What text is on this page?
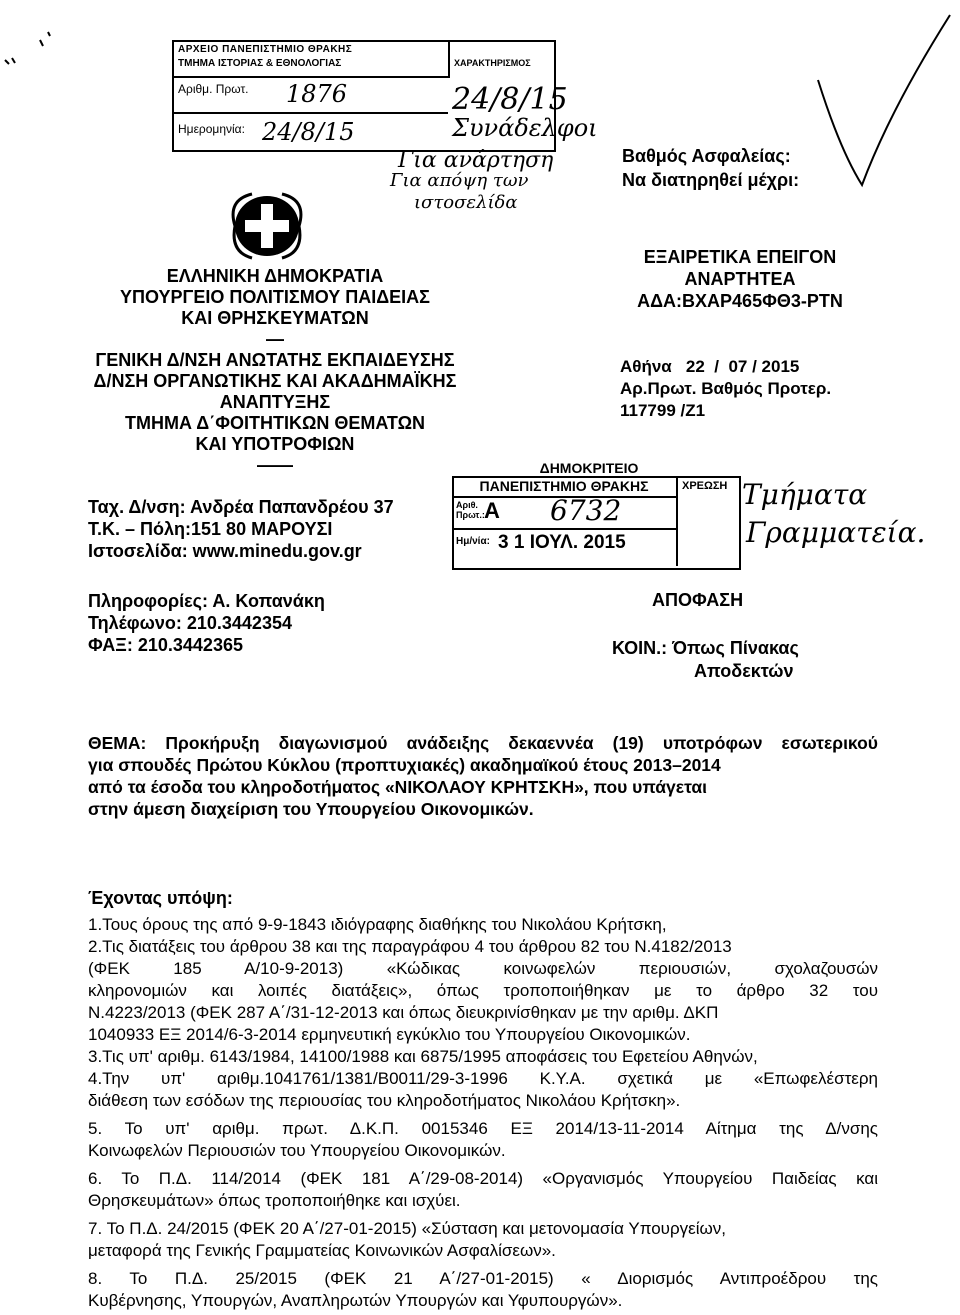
ΑΡΧΕΙΟ ΠΑΝΕΠΙΣΤΗΜΙΟ ΘΡΑΚΗΣ
ΤΜΗΜΑ ΙΣΤΟΡΙΑΣ & ΕΘΝΟΛΟΓΙΑΣ	ΧΑΡΑΚΤΗΡΙΣΜΟΣ
Αριθμ. Πρωτ. 1876
Ημερομηνία: 24/8/15
24/8/15
Συνάδελφοι
Για ανάρτηση
Για απόψη των
ιστοσελίδα
Βαθμός Ασφαλείας:
Να διατηρηθεί μέχρι:
ΕΛΛΗΝΙΚΗ ΔΗΜΟΚΡΑΤΙΑ
ΥΠΟΥΡΓΕΙΟ ΠΟΛΙΤΙΣΜΟΥ ΠΑΙΔΕΙΑΣ
ΚΑΙ ΘΡΗΣΚΕΥΜΑΤΩΝ
—
ΓΕΝΙΚΗ Δ/ΝΣΗ ΑΝΩΤΑΤΗΣ ΕΚΠΑΙΔΕΥΣΗΣ
Δ/ΝΣΗ ΟΡΓΑΝΩΤΙΚΗΣ ΚΑΙ ΑΚΑΔΗΜΑΪΚΗΣ
ΑΝΑΠΤΥΞΗΣ
ΤΜΗΜΑ Δ΄ΦΟΙΤΗΤΙΚΩΝ ΘΕΜΑΤΩΝ
ΚΑΙ ΥΠΟΤΡΟΦΙΩΝ
——
Ταχ. Δ/νση: Ανδρέα Παπανδρέου 37
Τ.Κ. – Πόλη:151 80 ΜΑΡΟΥΣΙ
Ιστοσελίδα: www.minedu.gov.gr
ΕΞΑΙΡΕΤΙΚΑ ΕΠΕΙΓΟΝ
ΑΝΑΡΤΗΤΕΑ
ΑΔΑ:ΒΧΑΡ465ΦΘ3-ΡΤΝ
Αθήνα   22  /  07 / 2015
Αρ.Πρωτ. Βαθμός Προτερ.
117799 /Ζ1
ΔΗΜΟΚΡΙΤΕΙΟ
ΠΑΝΕΠΙΣΤΗΜΙΟ ΘΡΑΚΗΣ	ΧΡΕΩΣΗ
Αριθ. Πρωτ.: Α 6732
Ημ/νία: 3 1 ΙΟΥΛ. 2015
Τμήματα
Γραμματεία.
Πληροφορίες: Α. Κοπανάκη
Τηλέφωνο: 210.3442354
ΦΑΞ: 210.3442365
ΑΠΟΦΑΣΗ
ΚΟΙΝ.: Όπως Πίνακας
Αποδεκτών
ΘΕΜΑ: Προκήρυξη διαγωνισμού ανάδειξης δεκαεννέα (19) υποτρόφων εσωτερικού
για σπουδές Πρώτου Κύκλου (προπτυχιακές) ακαδημαϊκού έτους 2013–2014
από τα έσοδα του κληροδοτήματος «ΝΙΚΟΛΑΟΥ ΚΡΗΤΣΚΗ», που υπάγεται
στην άμεση διαχείριση του Υπουργείου Οικονομικών.
Έχοντας υπόψη:
1.Τους όρους της από 9-9-1843 ιδιόγραφης διαθήκης του Νικολάου Κρήτσκη,
2.Τις διατάξεις του άρθρου 38 και της παραγράφου 4 του άρθρου 82 του Ν.4182/2013
(ΦΕΚ 185 Α/10-9-2013) «Κώδικας κοινωφελών περιουσιών, σχολαζουσών
κληρονομιών και λοιπές διατάξεις», όπως τροποποιήθηκαν με το άρθρο 32 του
Ν.4223/2013 (ΦΕΚ 287 Α΄/31-12-2013 και όπως διευκρινίσθηκαν με την αριθμ. ΔΚΠ
1040933 ΕΞ 2014/6-3-2014 ερμηνευτική εγκύκλιο του Υπουργείου Οικονομικών.
3.Τις υπ' αριθμ. 6143/1984, 14100/1988 και 6875/1995 αποφάσεις του Εφετείου Αθηνών,
4.Την υπ' αριθμ.1041761/1381/Β0011/29-3-1996 Κ.Υ.Α. σχετικά με «Επωφελέστερη
διάθεση των εσόδων της περιουσίας του κληροδοτήματος Νικολάου Κρήτσκη».
5. Το υπ' αριθμ. πρωτ. Δ.Κ.Π. 0015346 ΕΞ 2014/13-11-2014 Αίτημα της Δ/νσης
Κοινωφελών Περιουσιών του Υπουργείου Οικονομικών.
6. Το Π.Δ. 114/2014 (ΦΕΚ 181 Α΄/29-08-2014) «Οργανισμός Υπουργείου Παιδείας και
Θρησκευμάτων» όπως τροποποιήθηκε και ισχύει.
7. Το Π.Δ. 24/2015 (ΦΕΚ 20 Α΄/27-01-2015) «Σύσταση και μετονομασία Υπουργείων,
μεταφορά της Γενικής Γραμματείας Κοινωνικών Ασφαλίσεων».
8. Το Π.Δ. 25/2015 (ΦΕΚ 21 Α΄/27-01-2015) « Διορισμός Αντιπροέδρου της
Κυβέρνησης, Υπουργών, Αναπληρωτών Υπουργών και Υφυπουργών».
